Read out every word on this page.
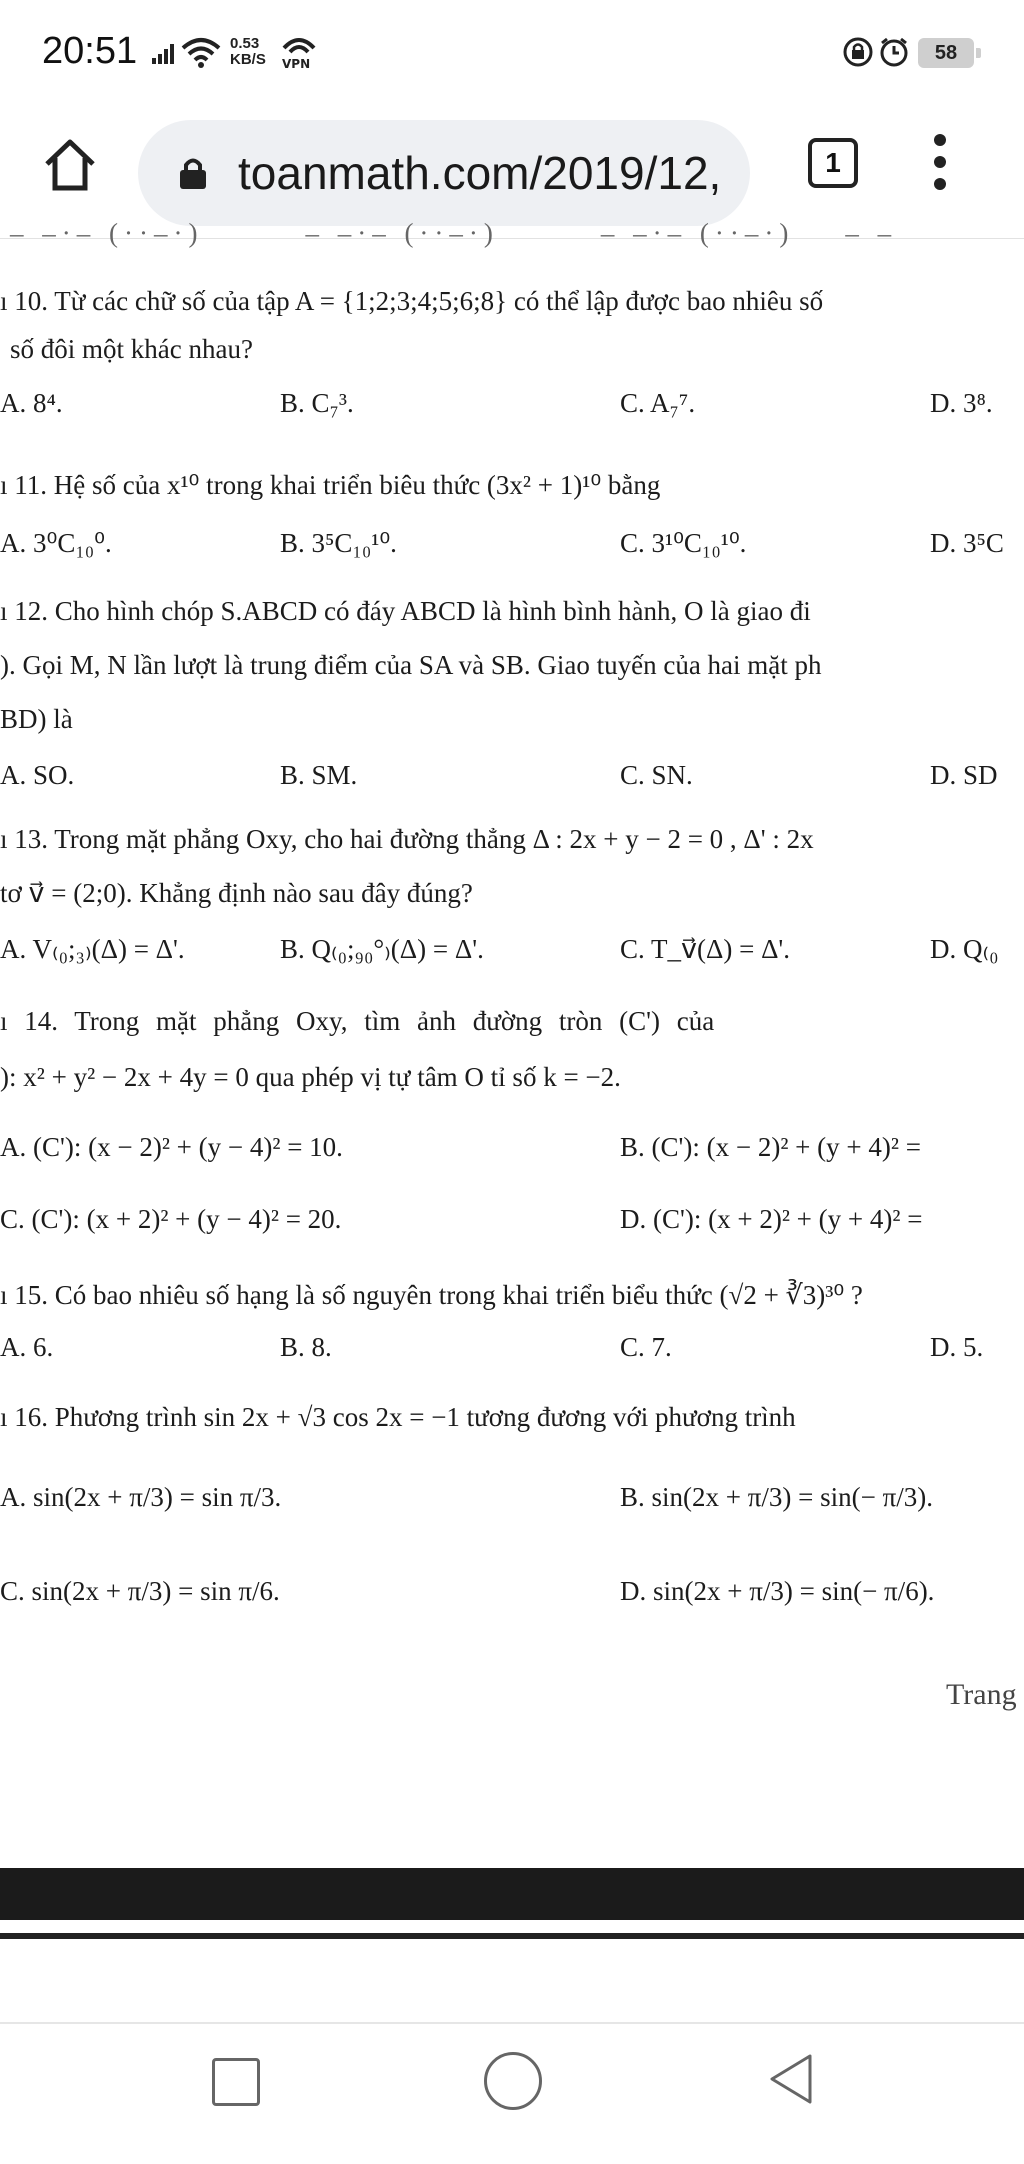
20:51	0.53
KB/S VPN	58
toanmath.com/2019/12,	1
– –·– (··–·)        – –·– (··–·)        – –·– (··–·)    – –
ı 10. Từ các chữ số của tập A = {1;2;3;4;5;6;8} có thể lập được bao nhiêu số
số đôi một khác nhau?
A. 8⁴.	B. C₇³.	C. A₇⁷.	D. 3⁸.
ı 11. Hệ số của x¹⁰ trong khai triển biêu thức (3x² + 1)¹⁰ bằng
A. 3⁰C₁₀⁰.	B. 3⁵C₁₀¹⁰.	C. 3¹⁰C₁₀¹⁰.	D. 3⁵C
ı 12. Cho hình chóp S.ABCD có đáy ABCD là hình bình hành, O là giao đi
). Gọi M, N lần lượt là trung điểm của SA và SB. Giao tuyến của hai mặt ph
BD) là
A. SO.	B. SM.	C. SN.	D. SD
ı 13. Trong mặt phẳng Oxy, cho hai đường thẳng Δ : 2x + y − 2 = 0 , Δ' : 2x
tơ v⃗ = (2;0). Khẳng định nào sau đây đúng?
A. V₍₀;₃₎(Δ) = Δ'.	B. Q₍₀;₉₀°₎(Δ) = Δ'.	C. T_v⃗(Δ) = Δ'.	D. Q₍₀
ı 14. Trong mặt phẳng Oxy, tìm ảnh đường tròn (C') của
): x² + y² − 2x + 4y = 0 qua phép vị tự tâm O tỉ số k = −2.
A. (C'): (x − 2)² + (y − 4)² = 10.	B. (C'): (x − 2)² + (y + 4)² =
C. (C'): (x + 2)² + (y − 4)² = 20.	D. (C'): (x + 2)² + (y + 4)² =
ı 15. Có bao nhiêu số hạng là số nguyên trong khai triển biểu thức (√2 + ∛3)³⁰ ?
A. 6.	B. 8.	C. 7.	D. 5.
ı 16. Phương trình sin 2x + √3 cos 2x = −1 tương đương với phương trình
A. sin(2x + π/3) = sin π/3.	B. sin(2x + π/3) = sin(− π/3).
C. sin(2x + π/3) = sin π/6.	D. sin(2x + π/3) = sin(− π/6).
Trang
